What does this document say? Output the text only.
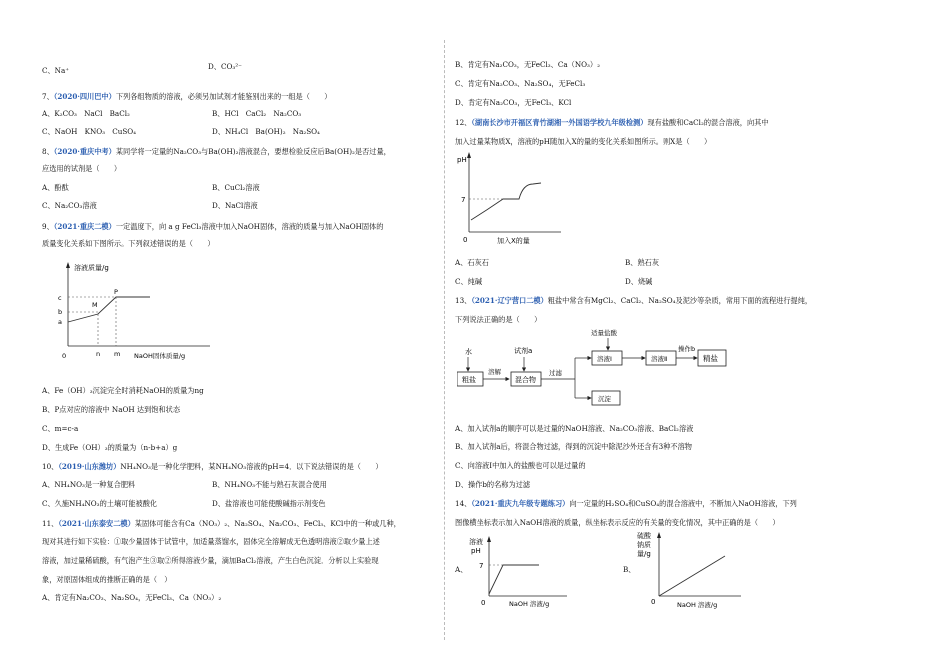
C、Na⁺	D、CO₃²⁻
7、（2020·四川巴中）下列各组物质的溶液，必须另加试剂才能鉴别出来的一组是（　　）
A、K₂CO₃　NaCl　BaCl₂	B、HCl　CaCl₂　Na₂CO₃
C、NaOH　KNO₃　CuSO₄	D、NH₄Cl　Ba(OH)₂　Na₂SO₄
8、（2020·重庆中考）某同学将一定量的Na₂CO₃与Ba(OH)₂溶液混合，要想检验反应后Ba(OH)₂是否过量，
应选用的试剂是（　　）
A、酚酞	B、CuCl₂溶液
C、Na₂CO₃溶液	D、NaCl溶液
9、（2021·重庆二模）一定温度下，向 a g FeCl₃溶液中加入NaOH固体，溶液的质量与加入NaOH固体的
质量变化关系如下图所示。下列叙述错误的是（　　）
溶液质量/g
NaOH固体质量/g
0
c
b
a
n m
M
P
A、Fe（OH）₃沉淀完全时消耗NaOH的质量为ng
B、P点对应的溶液中 NaOH 达到饱和状态
C、m=c-a
D、生成Fe（OH）₃的质量为（n-b+a）g
10、（2019·山东潍坊）NH₄NO₃是一种化学肥料，某NH₄NO₃溶液的pH=4．以下说法错误的是（　　）
A、NH₄NO₃是一种复合肥料	B、NH₄NO₃不能与熟石灰混合使用
C、久施NH₄NO₃的土壤可能被酸化	D、盐溶液也可能使酸碱指示剂变色
11、（2021·山东泰安二模）某固体可能含有Ca（NO₃）₂、Na₂SO₄、Na₂CO₃、FeCl₃、KCl中的一种或几种，
现对其进行如下实验：①取少量固体于试管中，加适量蒸馏水，固体完全溶解成无色透明溶液②取少量上述
溶液，加过量稀硫酸，有气泡产生③取②所得溶液少量，滴加BaCl₂溶液，产生白色沉淀．分析以上实验现
象，对原固体组成的推断正确的是（　）
A、肯定有Na₂CO₃、Na₂SO₄，无FeCl₃、Ca（NO₃）₂
B、肯定有Na₂CO₃，无FeCl₃、Ca（NO₃）₂
C、肯定有Na₂CO₃、Na₂SO₄，无FeCl₃
D、肯定有Na₂CO₃，无FeCl₃、KCl
12、（湖南长沙市开福区青竹湖湘一外国语学校九年级检测）现有盐酸和CaCl₂的混合溶液，向其中
加入过量某物质X，溶液的pH随加入X的量的变化关系如图所示。则X是（　　）
pH
7
0	加入X的量
A、石灰石	B、熟石灰
C、纯碱	D、烧碱
13、（2021·辽宁营口二模）粗盐中常含有MgCl₂、CaCl₂、Na₂SO₄及泥沙等杂质，常用下面的流程进行提纯，
下列说法正确的是（　　）
水
粗盐
溶解
试剂a
混合物
过滤
适量盐酸
溶液Ⅰ	溶液Ⅱ
操作b
精盐
沉淀
A、加入试剂a的顺序可以是过量的NaOH溶液、Na₂CO₃溶液、BaCl₂溶液
B、加入试剂a后，将混合物过滤，得到的沉淀中除泥沙外还含有3种不溶物
C、向溶液Ⅰ中加入的盐酸也可以是过量的
D、操作b的名称为过滤
14、（2021·重庆九年级专题练习）向一定量的H₂SO₄和CuSO₄的混合溶液中，不断加入NaOH溶液，下列
图像横坐标表示加入NaOH溶液的质量，纵坐标表示反应的有关量的变化情况，其中正确的是（　　）
A、
溶液
pH
7
0	NaOH 溶液/g
B、
硫酸
钠质
量/g
0	NaOH 溶液/g
